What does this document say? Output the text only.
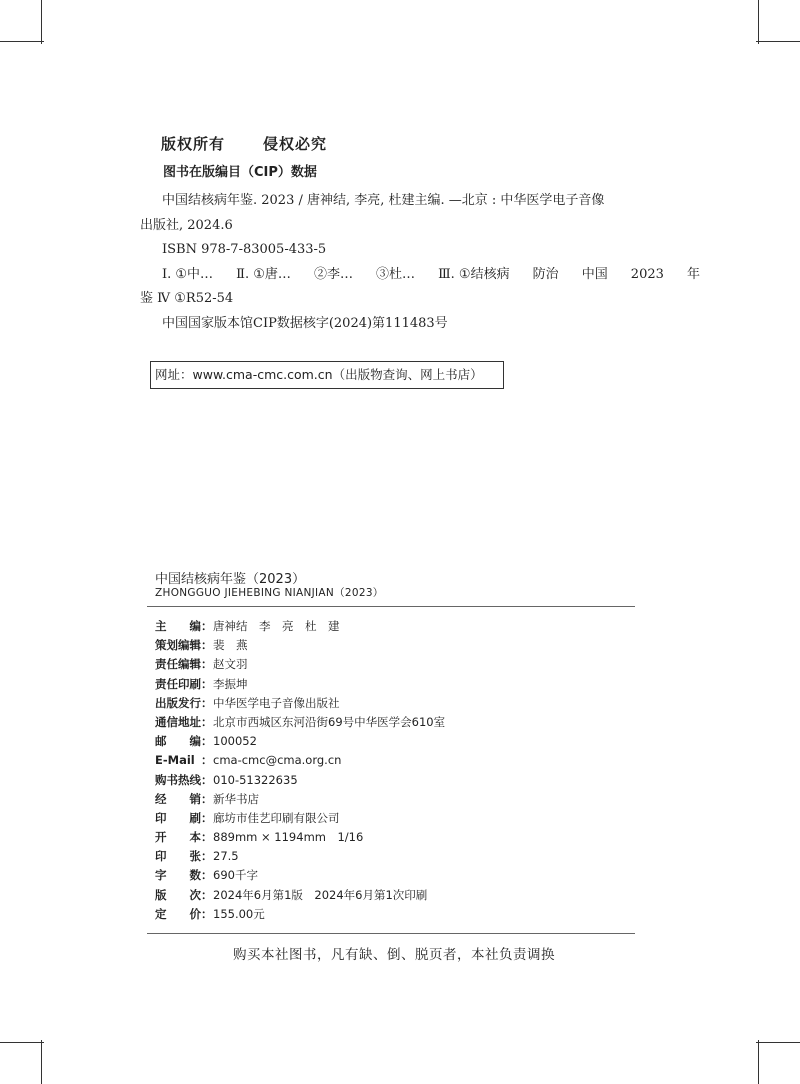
版权所有	侵权必究
图书在版编目（CIP）数据
中国结核病年鉴. 2023 / 唐神结, 李亮, 杜建主编. —北京 : 中华医学电子音像
出版社, 2024.6
ISBN 978-7-83005-433-5
Ⅰ. ①中… Ⅱ. ①唐… ②李… ③杜… Ⅲ. ①结核病 防治 中国 2023 年
鉴 Ⅳ ①R52-54
中国国家版本馆CIP数据核字(2024)第111483号
网址：www.cma-cmc.com.cn（出版物查询、网上书店）
中国结核病年鉴（2023）
ZHONGGUO JIEHEBING NIANJIAN（2023）
主编 ： 唐神结　李　亮　杜　建
策划编辑 ： 裴　燕
责任编辑 ： 赵文羽
责任印刷 ： 李振坤
出版发行 ： 中华医学电子音像出版社
通信地址 ： 北京市西城区东河沿街69号中华医学会610室
邮编 ： 100052
E-Mail ： cma-cmc@cma.org.cn
购书热线 ： 010-51322635
经销 ： 新华书店
印刷 ： 廊坊市佳艺印刷有限公司
开本 ： 889mm × 1194mm　1/16
印张 ： 27.5
字数 ： 690千字
版次 ： 2024年6月第1版　2024年6月第1次印刷
定价 ： 155.00元
购买本社图书，凡有缺、倒、脱页者，本社负责调换
